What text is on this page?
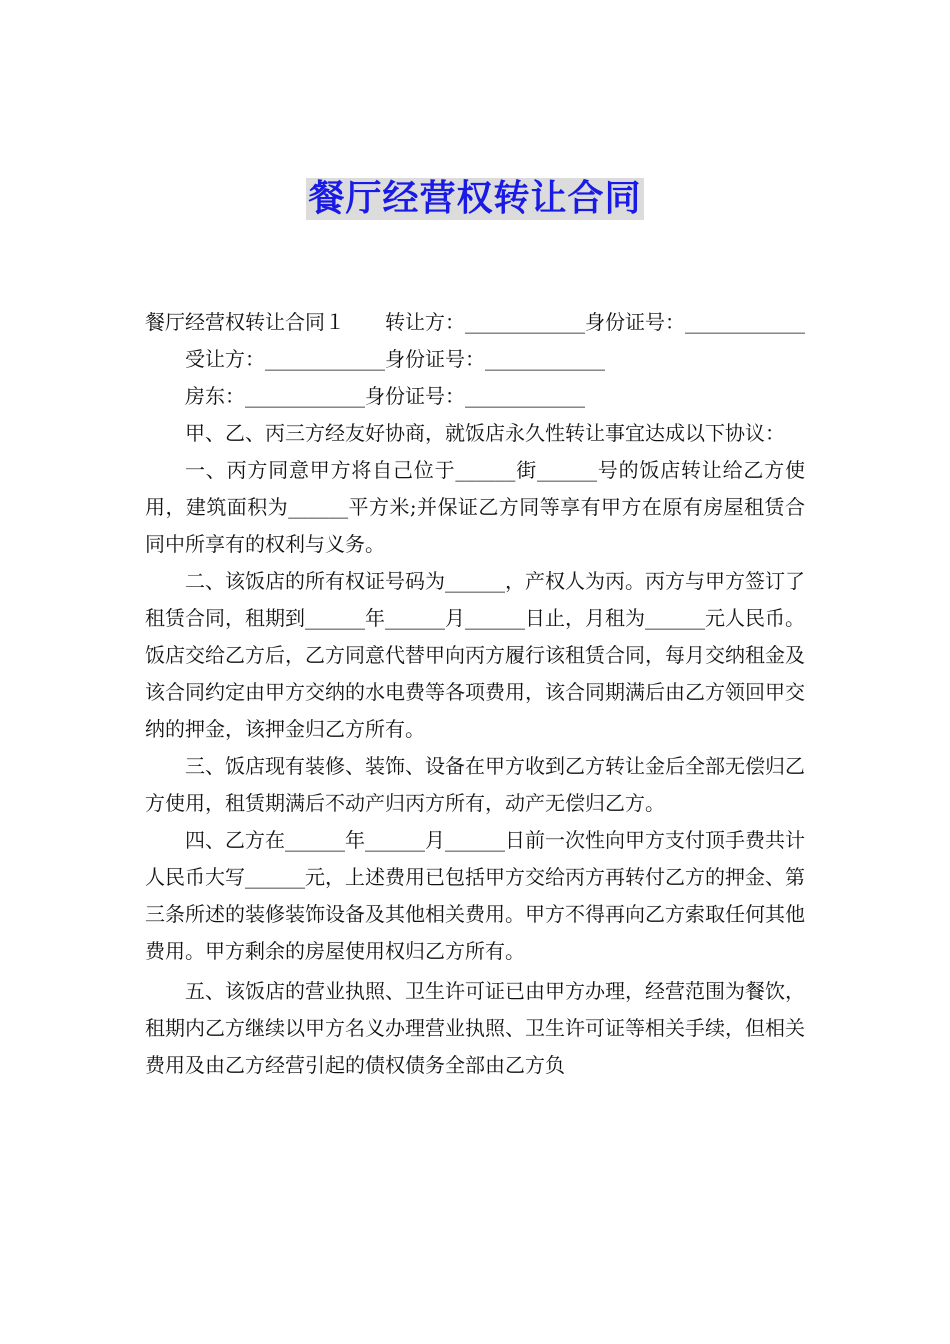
餐厅经营权转让合同

餐厅经营权转让合同１　　转让方：____________身份证号：____________

受让方：____________身份证号：____________

房东：____________身份证号：____________

甲、乙、丙三方经友好协商，就饭店永久性转让事宜达成以下协议：

一、丙方同意甲方将自己位于______街______号的饭店转让给乙方使用，建筑面积为______平方米;并保证乙方同等享有甲方在原有房屋租赁合同中所享有的权利与义务。

二、该饭店的所有权证号码为______，产权人为丙。丙方与甲方签订了租赁合同，租期到______年______月______日止，月租为______元人民币。饭店交给乙方后，乙方同意代替甲向丙方履行该租赁合同，每月交纳租金及该合同约定由甲方交纳的水电费等各项费用，该合同期满后由乙方领回甲交纳的押金，该押金归乙方所有。

三、饭店现有装修、装饰、设备在甲方收到乙方转让金后全部无偿归乙方使用，租赁期满后不动产归丙方所有，动产无偿归乙方。

四、乙方在______年______月______日前一次性向甲方支付顶手费共计人民币大写______元，上述费用已包括甲方交给丙方再转付乙方的押金、第三条所述的装修装饰设备及其他相关费用。甲方不得再向乙方索取任何其他费用。甲方剩余的房屋使用权归乙方所有。

五、该饭店的营业执照、卫生许可证已由甲方办理，经营范围为餐饮，租期内乙方继续以甲方名义办理营业执照、卫生许可证等相关手续，但相关费用及由乙方经营引起的债权债务全部由乙方负
